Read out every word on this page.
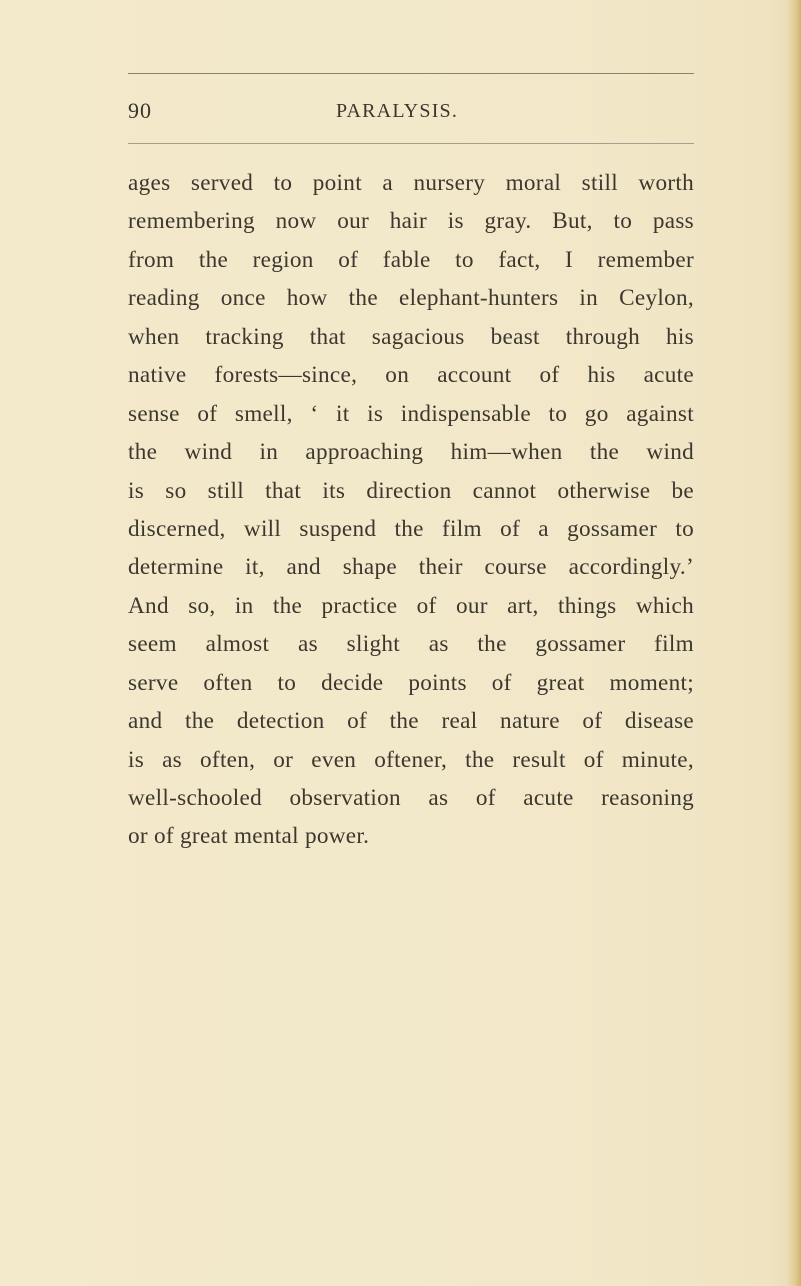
90	PARALYSIS.
ages served to point a nursery moral still worth
remembering now our hair is gray. But, to pass
from the region of fable to fact, I remember
reading once how the elephant-hunters in Ceylon,
when tracking that sagacious beast through his
native forests—since, on account of his acute
sense of smell, ‘ it is indispensable to go against
the wind in approaching him—when the wind
is so still that its direction cannot otherwise be
discerned, will suspend the film of a gossamer to
determine it, and shape their course accordingly.’
And so, in the practice of our art, things which
seem almost as slight as the gossamer film
serve often to decide points of great moment;
and the detection of the real nature of disease
is as often, or even oftener, the result of minute,
well-schooled observation as of acute reasoning
or of great mental power.
